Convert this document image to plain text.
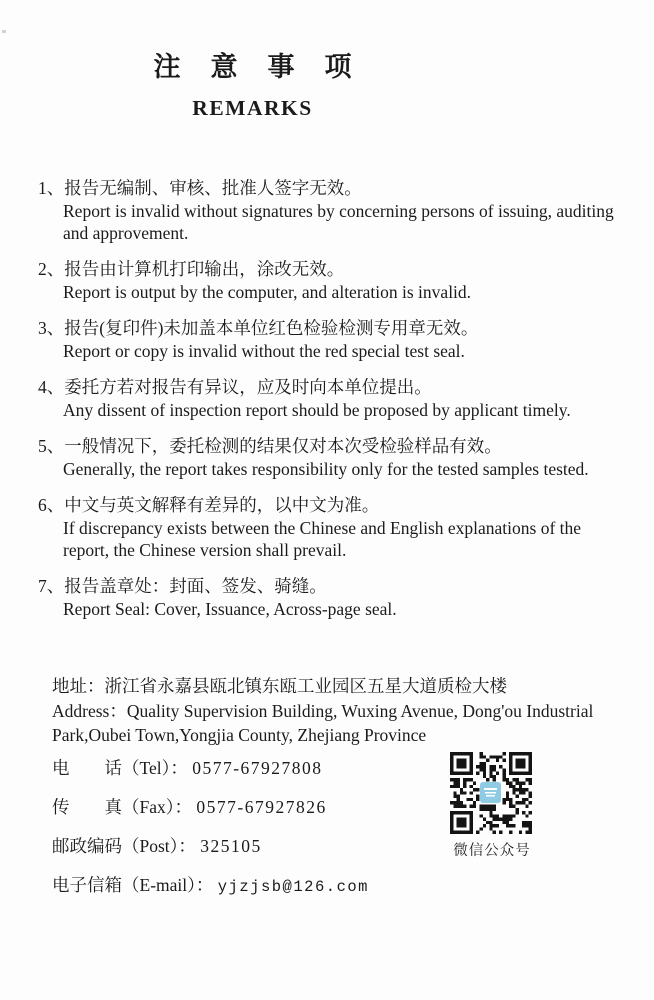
注意事项
REMARKS
1、 报告无编制、审核、批准人签字无效。
Report is invalid without signatures by concerning persons of issuing, auditing and approvement.
2、 报告由计算机打印输出，涂改无效。
Report is output by the computer, and alteration is invalid.
3、 报告(复印件)未加盖本单位红色检验检测专用章无效。
Report or copy is invalid without the red special test seal.
4、 委托方若对报告有异议，应及时向本单位提出。
Any dissent of inspection report should be proposed by applicant timely.
5、 一般情况下，委托检测的结果仅对本次受检验样品有效。
Generally, the report takes responsibility only for the tested samples tested.
6、 中文与英文解释有差异的，以中文为准。
If discrepancy exists between the Chinese and English explanations of the report, the Chinese version shall prevail.
7、 报告盖章处：封面、签发、骑缝。
Report Seal: Cover, Issuance, Across-page seal.
地址：浙江省永嘉县瓯北镇东瓯工业园区五星大道质检大楼
Address：Quality Supervision Building, Wuxing Avenue, Dong'ou Industrial Park,Oubei Town,Yongjia County, Zhejiang Province
电　　话（Tel）： 0577-67927808
传　　真（Fax）： 0577-67927826
邮政编码（Post）： 325105
电子信箱（E-mail）： yjzjsb@126.com
微信公众号
